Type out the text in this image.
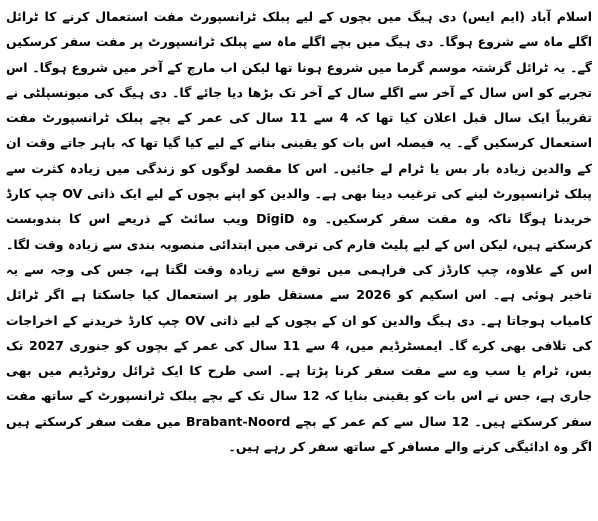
اسلام آباد (ایم ایس) دی ہیگ میں بچوں کے لیے پبلک ٹرانسپورٹ مفت استعمال کرنے کا ٹرائل اگلے ماہ سے شروع ہوگا۔ دی ہیگ میں بچے اگلے ماہ سے پبلک ٹرانسپورٹ پر مفت سفر کرسکیں گے۔ یہ ٹرائل گزشتہ موسم گرما میں شروع ہونا تھا لیکن اب مارچ کے آخر میں شروع ہوگا۔ اس تجربے کو اس سال کے آخر سے اگلے سال کے آخر تک بڑھا دیا جائے گا۔ دی ہیگ کی میونسپلٹی نے تقریباً ایک سال قبل اعلان کیا تھا کہ 4 سے 11 سال کی عمر کے بچے پبلک ٹرانسپورٹ مفت استعمال کرسکیں گے۔ یہ فیصلہ اس بات کو یقینی بنانے کے لیے کیا گیا تھا کہ باہر جاتے وقت ان کے والدین زیادہ بار بس یا ٹرام لے جائیں۔ اس کا مقصد لوگوں کو زندگی میں زیادہ کثرت سے پبلک ٹرانسپورٹ لینے کی ترغیب دینا بھی ہے۔ والدین کو اپنے بچوں کے لیے ایک ذاتی OV چپ کارڈ خریدنا ہوگا تاکہ وہ مفت سفر کرسکیں۔ وہ DigiD ویب سائٹ کے ذریعے اس کا بندوبست کرسکتے ہیں، لیکن اس کے لیے پلیٹ فارم کی ترقی میں ابتدائی منصوبہ بندی سے زیادہ وقت لگا۔ اس کے علاوہ، چپ کارڈز کی فراہمی میں توقع سے زیادہ وقت لگتا ہے، جس کی وجہ سے یہ تاخیر ہوئی ہے۔ اس اسکیم کو 2026 سے مستقل طور پر استعمال کیا جاسکتا ہے اگر ٹرائل کامیاب ہوجاتا ہے۔ دی ہیگ والدین کو ان کے بچوں کے لیے ذاتی OV چپ کارڈ خریدنے کے اخراجات کی تلافی بھی کرے گا۔ ایمسٹرڈیم میں، 4 سے 11 سال کی عمر کے بچوں کو جنوری 2027 تک بس، ٹرام یا سب وے سے مفت سفر کرنا پڑتا ہے۔ اسی طرح کا ایک ٹرائل روٹرڈیم میں بھی جاری ہے، جس نے اس بات کو یقینی بنایا کہ 12 سال تک کے بچے پبلک ٹرانسپورٹ کے ساتھ مفت سفر کرسکتے ہیں۔ 12 سال سے کم عمر کے بچے Brabant-Noord میں مفت سفر کرسکتے ہیں اگر وہ ادائیگی کرنے والے مسافر کے ساتھ سفر کر رہے ہیں۔
